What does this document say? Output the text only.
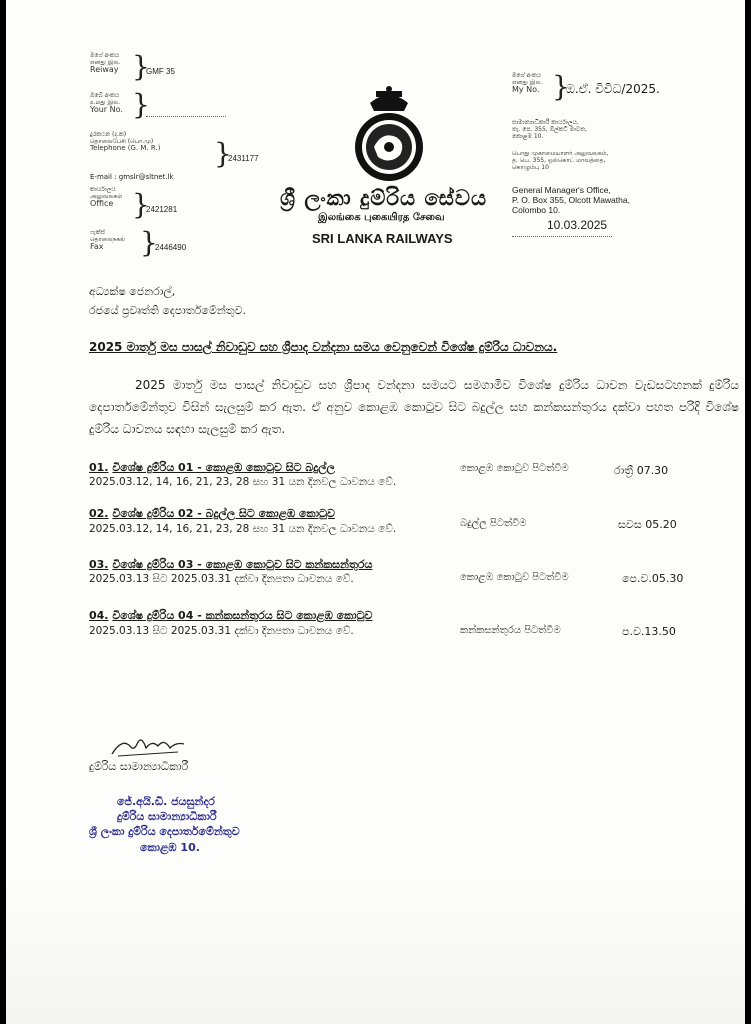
මගේ අංකය
எனது இல.
Reiway }
GMF 35
ඔබේ අංකය
உமது இல.
Your No. }
දුරකථන (ද.ක)
தொலைபேசி (பொ.மு)
Telephone (G. M. R.) }
2431177
E-mail : gmslr@sltnet.lk
කාර්යාලය
அலுவலகம்
Office }
2421281
ෆැක්ස්
தொலைநகல்
Fax	}
2446490
ශ්‍රී ලංකා දුම්රිය සේවය
இலங்கை புகையிரத சேவை
SRI LANKA RAILWAYS
මගේ අංකය
எனது இல.
My No. }
ඔ.ඒ. විවිධ/2025.
සාමාන්‍යාධිකාරී කාර්යාලය,
තැ. පෙ. 355, ඕල්කට් මාවත,
කොළඹ 10.
பொது முகாமையாளர் அலுவலகம்,
த. பெ. 355, ஒல்கொட் மாவத்தை,
கொழும்பு 10
General Manager's Office,
P. O. Box 355, Olcott Mawatha,
Colombo 10.
10.03.2025
අධ්‍යක්ෂ ජෙනරාල්,
රජයේ ප්‍රවෘත්ති දෙපාර්තමේන්තුව.
2025 මාර්තු මස පාසල් නිවාඩුව සහ ශ්‍රීපාද වන්දනා සමය වෙනුවෙන් විශේෂ දුම්රිය ධාවනය.
2025 මාර්තු මස පාසල් නිවාඩුව සහ ශ්‍රීපාද වන්දනා සමයට සමගාමීව විශේෂ දුම්රිය ධාවන වැඩසටහනක් දුම්රිය දෙපාර්තමේන්තුව විසින් සැලසුම් කර ඇත. ඒ අනුව කොළඹ කොටුව සිට බදුල්ල සහ කන්කසන්තුරය දක්වා පහත පරිදි විශේෂ දුම්රිය ධාවනය සඳහා සැලසුම් කර ඇත.
01. විශේෂ දුම්රිය 01 - කොළඹ කොටුව සිට බදුල්ල
2025.03.12, 14, 16, 21, 23, 28 සහ 31 යන දිනවල ධාවනය වේ.
කොළඹ කොටුව පිටත්වීම	රාත්‍රී 07.30
02. විශේෂ දුම්රිය 02 - බදුල්ල සිට කොළඹ කොටුව
2025.03.12, 14, 16, 21, 23, 28 සහ 31 යන දිනවල ධාවනය වේ.	බදුල්ල පිටත්වීම	සවස 05.20
03. විශේෂ දුම්රිය 03 - කොළඹ කොටුව සිට කන්කසන්තුරය
2025.03.13 සිට 2025.03.31 දක්වා දිනපතා ධාවනය වේ.	කොළඹ කොටුව පිටත්වීම	පෙ.ව.05.30
04. විශේෂ දුම්රිය 04 - කන්කසන්තුරය සිට කොළඹ කොටුව
2025.03.13 සිට 2025.03.31 දක්වා දිනපතා ධාවනය වේ.	කන්කසන්තුරය පිටත්වීම	ප.ව.13.50
දුම්රිය සාමාන්‍යාධිකාරී
ජේ.අයි.ඩී. ජයසුන්දර
දුම්රිය සාමාන්‍යාධිකාරී
ශ්‍රී ලංකා දුම්රිය දෙපාර්තමේන්තුව
කොළඹ 10.
